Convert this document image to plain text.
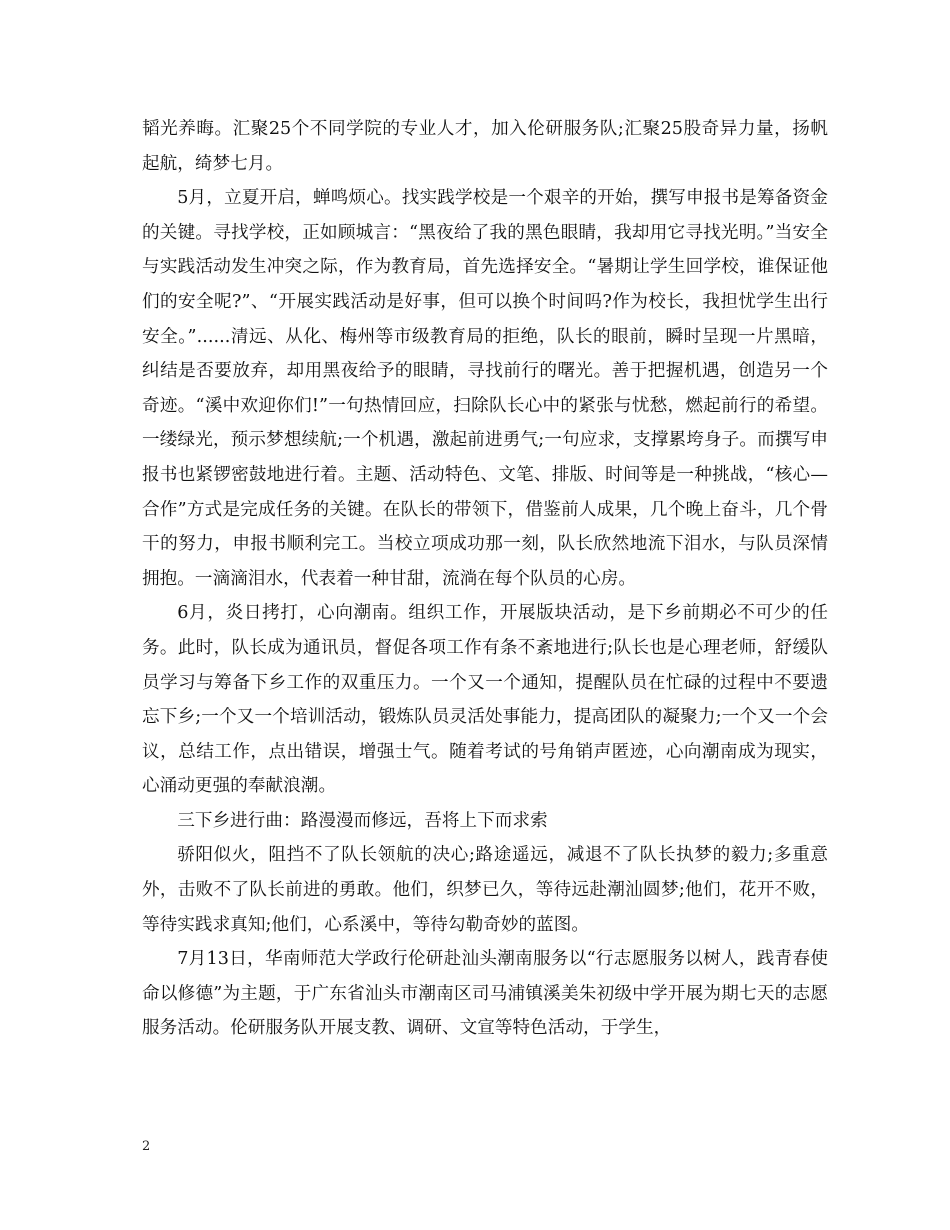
韬光养晦。汇聚25个不同学院的专业人才，加入伦研服务队;汇聚25股奇异力量，扬帆起航，绮梦七月。

5月，立夏开启，蝉鸣烦心。找实践学校是一个艰辛的开始，撰写申报书是筹备资金的关键。寻找学校，正如顾城言：“黑夜给了我的黑色眼睛，我却用它寻找光明。”当安全与实践活动发生冲突之际，作为教育局，首先选择安全。“暑期让学生回学校，谁保证他们的安全呢?”、“开展实践活动是好事，但可以换个时间吗?作为校长，我担忧学生出行安全。”......清远、从化、梅州等市级教育局的拒绝，队长的眼前，瞬时呈现一片黑暗，纠结是否要放弃，却用黑夜给予的眼睛，寻找前行的曙光。善于把握机遇，创造另一个奇迹。“溪中欢迎你们!”一句热情回应，扫除队长心中的紧张与忧愁，燃起前行的希望。一缕绿光，预示梦想续航;一个机遇，激起前进勇气;一句应求，支撑累垮身子。而撰写申报书也紧锣密鼓地进行着。主题、活动特色、文笔、排版、时间等是一种挑战，“核心—合作”方式是完成任务的关键。在队长的带领下，借鉴前人成果，几个晚上奋斗，几个骨干的努力，申报书顺利完工。当校立项成功那一刻，队长欣然地流下泪水，与队员深情拥抱。一滴滴泪水，代表着一种甘甜，流淌在每个队员的心房。

6月，炎日拷打，心向潮南。组织工作，开展版块活动，是下乡前期必不可少的任务。此时，队长成为通讯员，督促各项工作有条不紊地进行;队长也是心理老师，舒缓队员学习与筹备下乡工作的双重压力。一个又一个通知，提醒队员在忙碌的过程中不要遗忘下乡;一个又一个培训活动，锻炼队员灵活处事能力，提高团队的凝聚力;一个又一个会议，总结工作，点出错误，增强士气。随着考试的号角销声匿迹，心向潮南成为现实，心涌动更强的奉献浪潮。

三下乡进行曲：路漫漫而修远，吾将上下而求索

骄阳似火，阻挡不了队长领航的决心;路途遥远，减退不了队长执梦的毅力;多重意外，击败不了队长前进的勇敢。他们，织梦已久，等待远赴潮汕圆梦;他们，花开不败，等待实践求真知;他们，心系溪中，等待勾勒奇妙的蓝图。

7月13日，华南师范大学政行伦研赴汕头潮南服务以“行志愿服务以树人，践青春使命以修德”为主题，于广东省汕头市潮南区司马浦镇溪美朱初级中学开展为期七天的志愿服务活动。伦研服务队开展支教、调研、文宣等特色活动，于学生，

2
